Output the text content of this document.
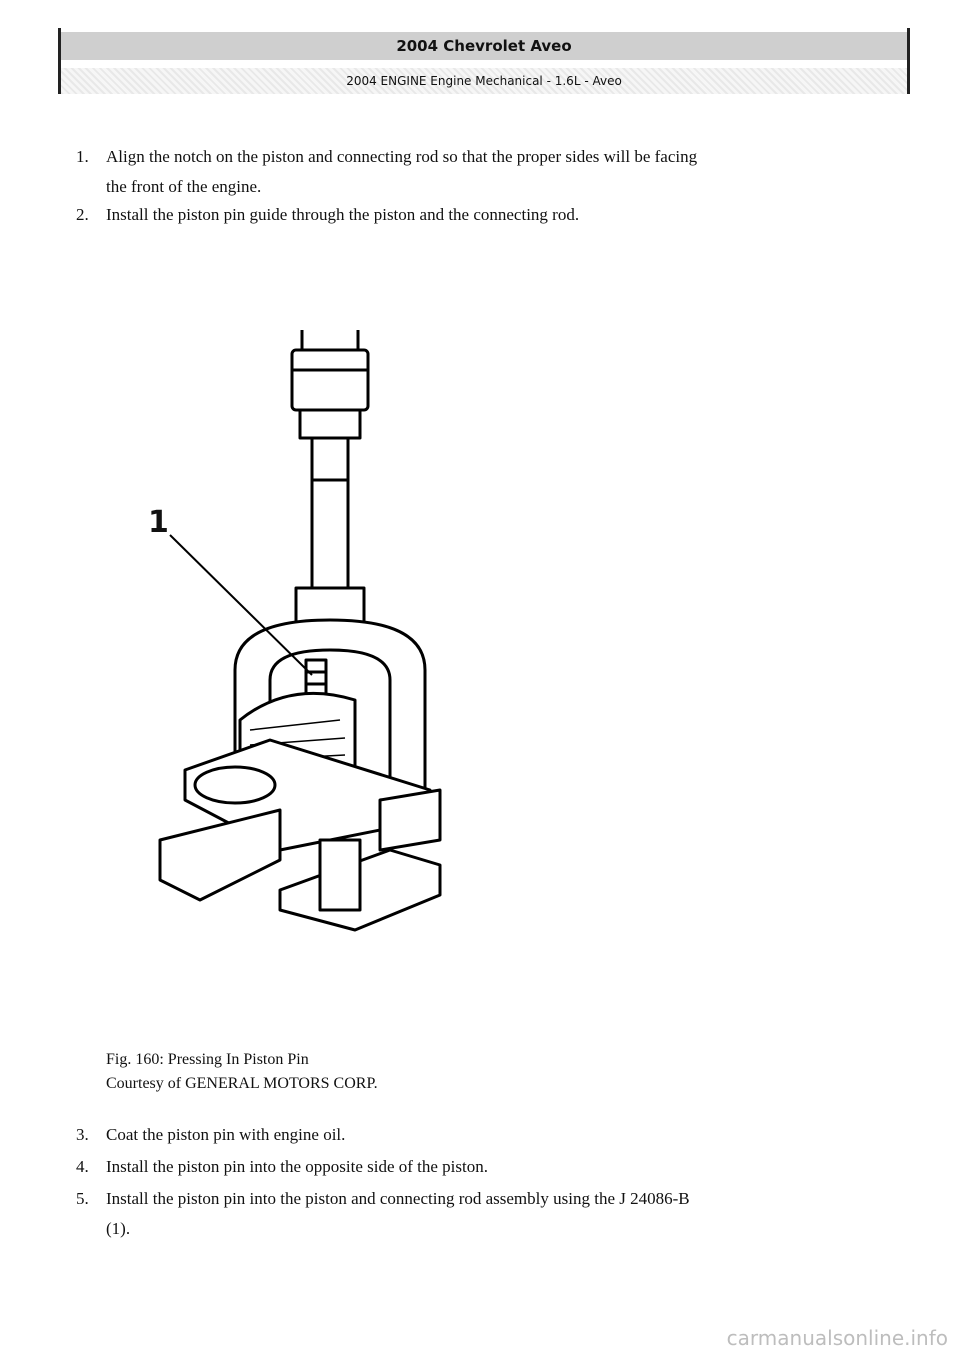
2004 Chevrolet Aveo
2004 ENGINE Engine Mechanical - 1.6L - Aveo
1. Align the notch on the piston and connecting rod so that the proper sides will be facing
the front of the engine.
2. Install the piston pin guide through the piston and the connecting rod.
1
Fig. 160: Pressing In Piston Pin
Courtesy of GENERAL MOTORS CORP.
3. Coat the piston pin with engine oil.
4. Install the piston pin into the opposite side of the piston.
5. Install the piston pin into the piston and connecting rod assembly using the J 24086-B
(1).
carmanualsonline.info
